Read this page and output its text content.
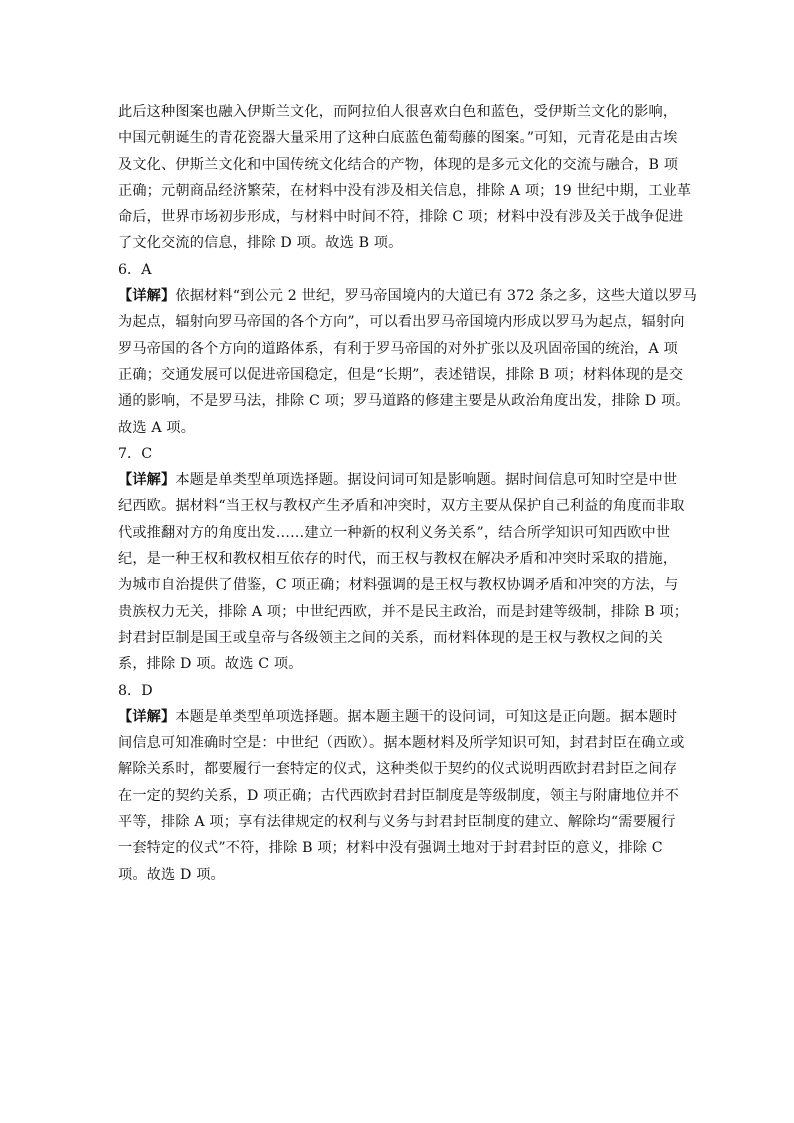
此后这种图案也融入伊斯兰文化，而阿拉伯人很喜欢白色和蓝色，受伊斯兰文化的影响，
中国元朝诞生的青花瓷器大量采用了这种白底蓝色葡萄藤的图案。”可知，元青花是由古埃
及文化、伊斯兰文化和中国传统文化结合的产物，体现的是多元文化的交流与融合，B 项
正确；元朝商品经济繁荣，在材料中没有涉及相关信息，排除 A 项；19 世纪中期，工业革
命后，世界市场初步形成，与材料中时间不符，排除 C 项；材料中没有涉及关于战争促进
了文化交流的信息，排除 D 项。故选 B 项。
6．A
【详解】依据材料“到公元 2 世纪，罗马帝国境内的大道已有 372 条之多，这些大道以罗马
为起点，辐射向罗马帝国的各个方向”，可以看出罗马帝国境内形成以罗马为起点，辐射向
罗马帝国的各个方向的道路体系，有利于罗马帝国的对外扩张以及巩固帝国的统治，A 项
正确；交通发展可以促进帝国稳定，但是“长期”，表述错误，排除 B 项；材料体现的是交
通的影响，不是罗马法，排除 C 项；罗马道路的修建主要是从政治角度出发，排除 D 项。
故选 A 项。
7．C
【详解】本题是单类型单项选择题。据设问词可知是影响题。据时间信息可知时空是中世
纪西欧。据材料“当王权与教权产生矛盾和冲突时，双方主要从保护自己利益的角度而非取
代或推翻对方的角度出发……建立一种新的权利义务关系”，结合所学知识可知西欧中世
纪，是一种王权和教权相互依存的时代，而王权与教权在解决矛盾和冲突时采取的措施，
为城市自治提供了借鉴，C 项正确；材料强调的是王权与教权协调矛盾和冲突的方法，与
贵族权力无关，排除 A 项；中世纪西欧，并不是民主政治，而是封建等级制，排除 B 项；
封君封臣制是国王或皇帝与各级领主之间的关系，而材料体现的是王权与教权之间的关
系，排除 D 项。故选 C 项。
8．D
【详解】本题是单类型单项选择题。据本题主题干的设问词，可知这是正向题。据本题时
间信息可知准确时空是：中世纪（西欧）。据本题材料及所学知识可知，封君封臣在确立或
解除关系时，都要履行一套特定的仪式，这种类似于契约的仪式说明西欧封君封臣之间存
在一定的契约关系，D 项正确；古代西欧封君封臣制度是等级制度，领主与附庸地位并不
平等，排除 A 项；享有法律规定的权利与义务与封君封臣制度的建立、解除均“需要履行
一套特定的仪式”不符，排除 B 项；材料中没有强调土地对于封君封臣的意义，排除 C
项。故选 D 项。
